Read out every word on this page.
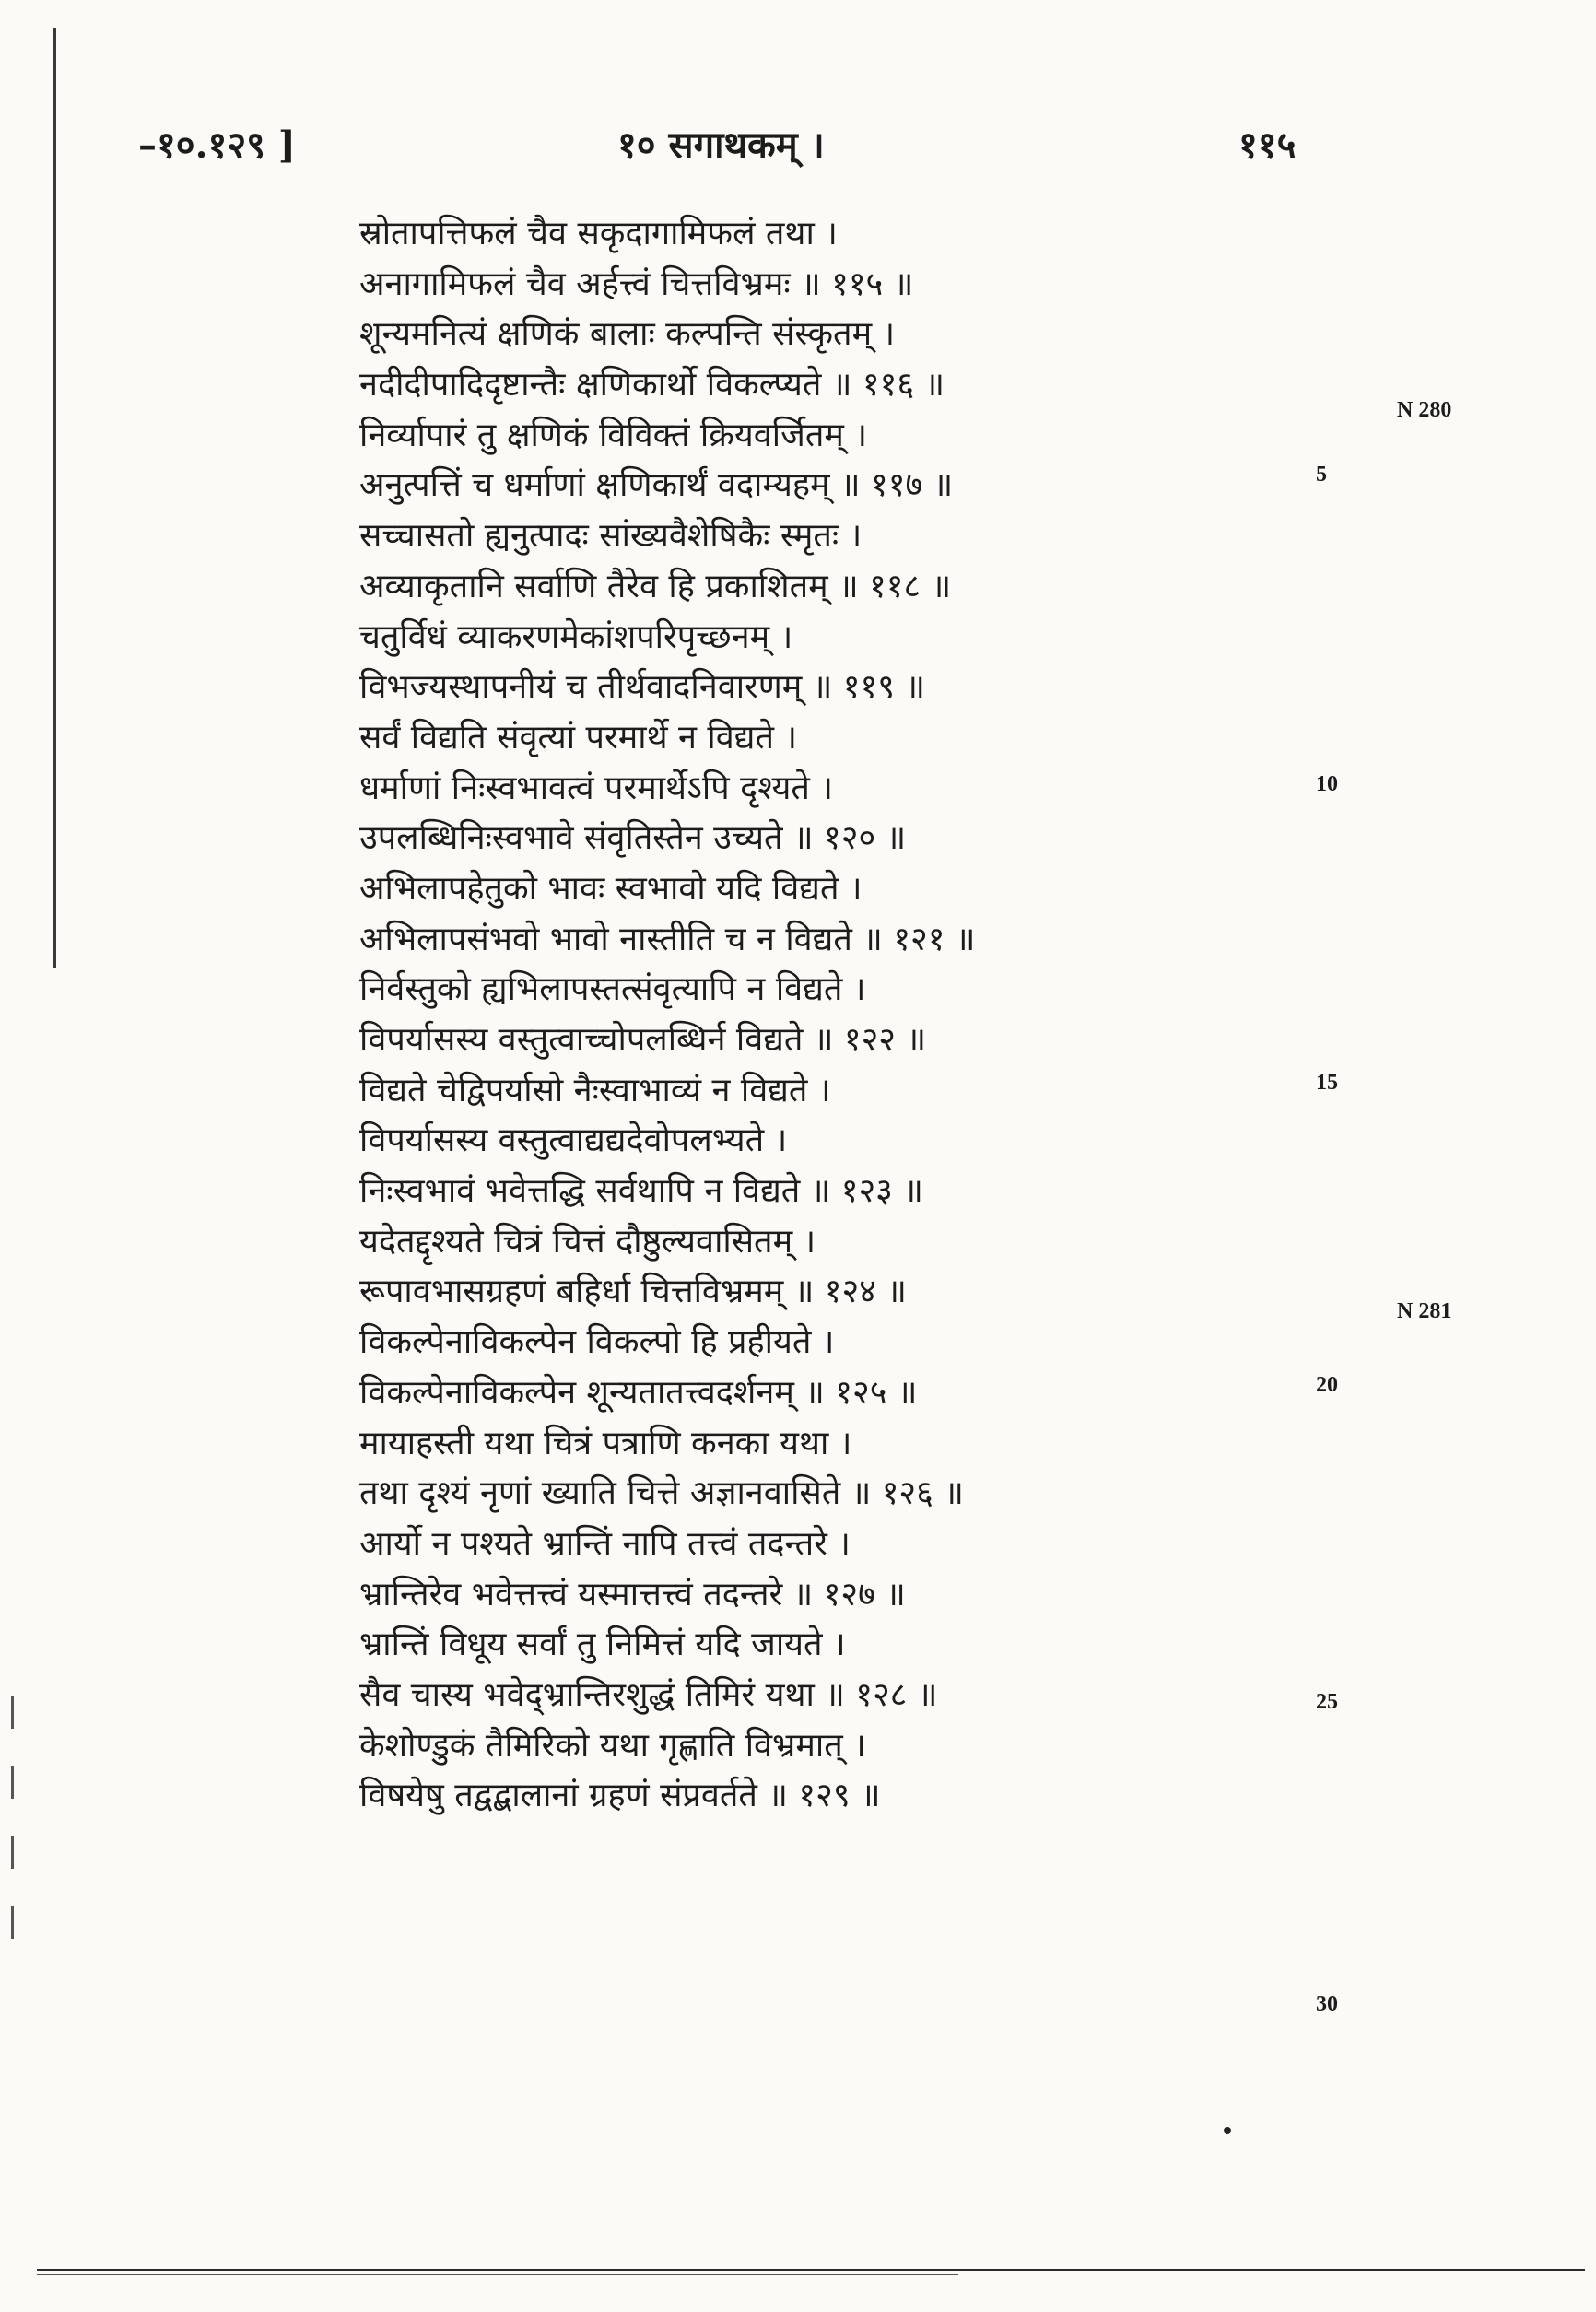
–१०.१२९ ]	१० सगाथकम् ।	११५
स्रोतापत्तिफलं चैव सकृदागामिफलं तथा ।
अनागामिफलं चैव अर्हत्त्वं चित्तविभ्रमः ॥ ११५ ॥
शून्यमनित्यं क्षणिकं बालाः कल्पन्ति संस्कृतम् ।
नदीदीपादिदृष्टान्तैः क्षणिकार्थो विकल्प्यते ॥ ११६ ॥
निर्व्यापारं तु क्षणिकं विविक्तं क्रियवर्जितम् ।
अनुत्पत्तिं च धर्माणां क्षणिकार्थं वदाम्यहम् ॥ ११७ ॥
सच्चासतो ह्यनुत्पादः सांख्यवैशेषिकैः स्मृतः ।
अव्याकृतानि सर्वाणि तैरेव हि प्रकाशितम् ॥ ११८ ॥
चतुर्विधं व्याकरणमेकांशपरिपृच्छनम् ।
विभज्यस्थापनीयं च तीर्थवादनिवारणम् ॥ ११९ ॥
सर्वं विद्यति संवृत्यां परमार्थे न विद्यते ।
धर्माणां निःस्वभावत्वं परमार्थेऽपि दृश्यते ।
उपलब्धिनिःस्वभावे संवृतिस्तेन उच्यते ॥ १२० ॥
अभिलापहेतुको भावः स्वभावो यदि विद्यते ।
अभिलापसंभवो भावो नास्तीति च न विद्यते ॥ १२१ ॥
निर्वस्तुको ह्यभिलापस्तत्संवृत्यापि न विद्यते ।
विपर्यासस्य वस्तुत्वाच्चोपलब्धिर्न विद्यते ॥ १२२ ॥
विद्यते चेद्विपर्यासो नैःस्वाभाव्यं न विद्यते ।
विपर्यासस्य वस्तुत्वाद्यद्यदेवोपलभ्यते ।
निःस्वभावं भवेत्तद्धि सर्वथापि न विद्यते ॥ १२३ ॥
यदेतद्दृश्यते चित्रं चित्तं दौष्ठुल्यवासितम् ।
रूपावभासग्रहणं बहिर्धा चित्तविभ्रमम् ॥ १२४ ॥
विकल्पेनाविकल्पेन विकल्पो हि प्रहीयते ।
विकल्पेनाविकल्पेन शून्यतातत्त्वदर्शनम् ॥ १२५ ॥
मायाहस्ती यथा चित्रं पत्राणि कनका यथा ।
तथा दृश्यं नृणां ख्याति चित्ते अज्ञानवासिते ॥ १२६ ॥
आर्यो न पश्यते भ्रान्तिं नापि तत्त्वं तदन्तरे ।
भ्रान्तिरेव भवेत्तत्त्वं यस्मात्तत्त्वं तदन्तरे ॥ १२७ ॥
भ्रान्तिं विधूय सर्वां तु निमित्तं यदि जायते ।
सैव चास्य भवेद्भ्रान्तिरशुद्धं तिमिरं यथा ॥ १२८ ॥
केशोण्डुकं तैमिरिको यथा गृह्णाति विभ्रमात् ।
विषयेषु तद्वद्बालानां ग्रहणं संप्रवर्तते ॥ १२९ ॥
5
10
15
20
25
30
N 280
N 281
